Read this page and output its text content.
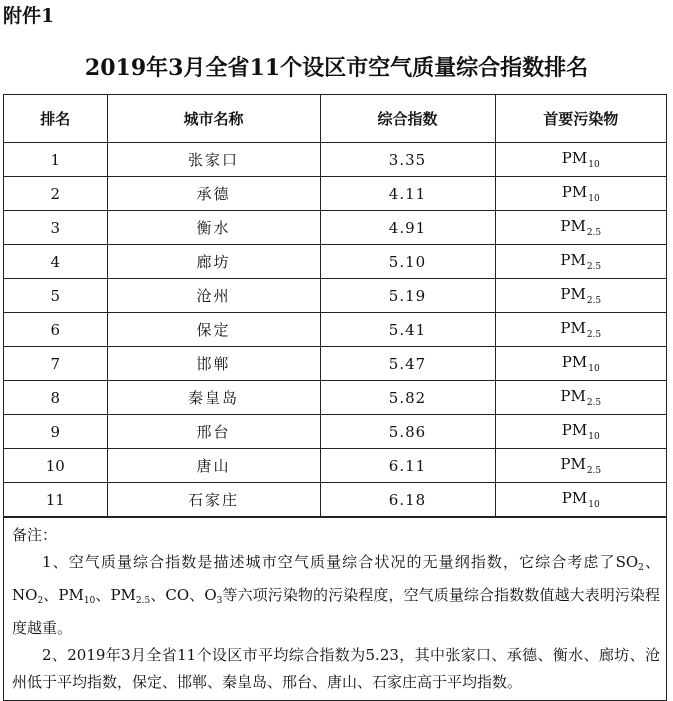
附件1
2019年3月全省11个设区市空气质量综合指数排名
排名	城市名称	综合指数	首要污染物
1	张家口	3.35	$PM_{10}$
2	承德	4.11	$PM_{10}$
3	衡水	4.91	$PM_{2.5}$
4	廊坊	5.10	$PM_{2.5}$
5	沧州	5.19	$PM_{2.5}$
6	保定	5.41	$PM_{2.5}$
7	邯郸	5.47	$PM_{10}$
8	秦皇岛	5.82	$PM_{2.5}$
9	邢台	5.86	$PM_{10}$
10	唐山	6.11	$PM_{2.5}$
11	石家庄	6.18	$PM_{10}$

备注：

1、空气质量综合指数是描述城市空气质量综合状况的无量纲指数，它综合考虑了$SO_2$、$NO_2$、$PM_{10}$、$PM_{2.5}$、CO、$O_3$等六项污染物的污染程度，空气质量综合指数数值越大表明污染程度越重。

2、2019年3月全省11个设区市平均综合指数为5.23，其中张家口、承德、衡水、廊坊、沧州低于平均指数，保定、邯郸、秦皇岛、邢台、唐山、石家庄高于平均指数。
